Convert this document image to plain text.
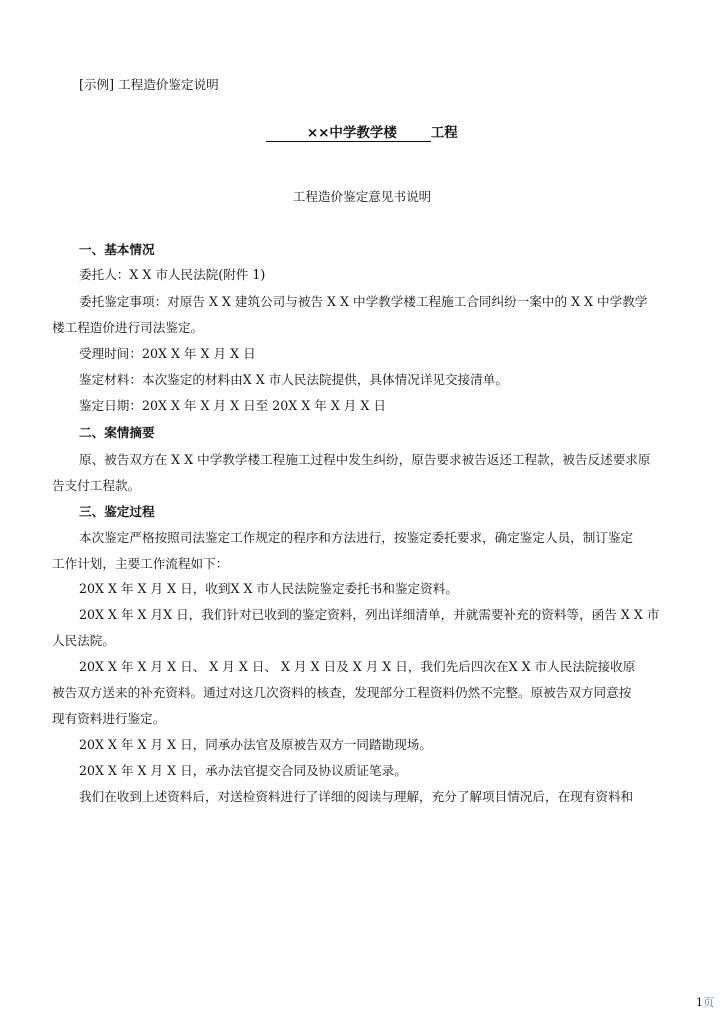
[示例] 工程造价鉴定说明
      ××中学教学楼     	工程
工程造价鉴定意见书说明
一、基本情况
委托人：X X 市人民法院(附件 1)
委托鉴定事项：对原告 X X 建筑公司与被告 X X 中学教学楼工程施工合同纠纷一案中的 X X 中学教学
楼工程造价进行司法鉴定。
受理时间：20X X 年 X 月 X 日
鉴定材料：本次鉴定的材料由X X 市人民法院提供，具体情况详见交接清单。
鉴定日期：20X X 年 X 月 X 日至 20X X 年 X 月 X 日
二、案情摘要
原、被告双方在 X X 中学教学楼工程施工过程中发生纠纷，原告要求被告返还工程款，被告反述要求原
告支付工程款。
三、鉴定过程
本次鉴定严格按照司法鉴定工作规定的程序和方法进行，按鉴定委托要求，确定鉴定人员，制订鉴定
工作计划，主要工作流程如下：
20X X 年 X 月 X 日，收到X X 市人民法院鉴定委托书和鉴定资料。
20X X 年 X 月X 日，我们针对已收到的鉴定资料，列出详细清单，并就需要补充的资料等，函告 X X 市
人民法院。
20X X 年 X 月 X 日、 X 月 X 日、 X 月 X 日及 X 月 X 日，我们先后四次在X X 市人民法院接收原
被告双方送来的补充资料。通过对这几次资料的核查，发现部分工程资料仍然不完整。原被告双方同意按
现有资料进行鉴定。
20X X 年 X 月 X 日，同承办法官及原被告双方一同踏勘现场。
20X X 年 X 月 X 日，承办法官提交合同及协议质证笔录。
我们在收到上述资料后，对送检资料进行了详细的阅读与理解，充分了解项目情况后，在现有资料和
1页
